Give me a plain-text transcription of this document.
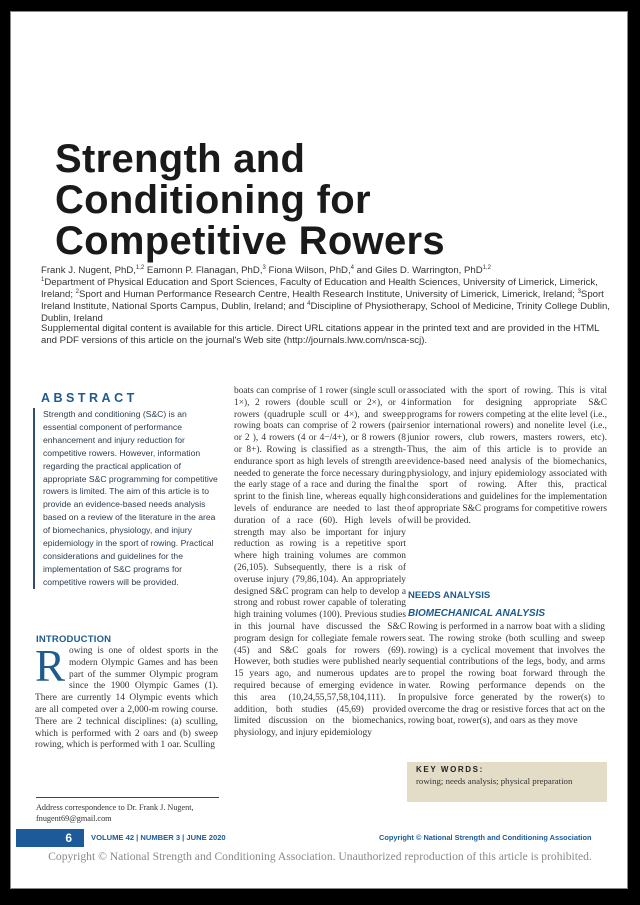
Strength and
Conditioning for
Competitive Rowers
Frank J. Nugent, PhD,$^{1,2}$ Eamonn P. Flanagan, PhD,$^3$ Fiona Wilson, PhD,$^4$ and Giles D. Warrington, PhD$^{1,2}$
$^1$Department of Physical Education and Sport Sciences, Faculty of Education and Health Sciences, University of Limerick, Limerick, Ireland; $^2$Sport and Human Performance Research Centre, Health Research Institute, University of Limerick, Limerick, Ireland; $^3$Sport Ireland Institute, National Sports Campus, Dublin, Ireland; and $^4$Discipline of Physiotherapy, School of Medicine, Trinity College Dublin, Dublin, Ireland
Supplemental digital content is available for this article. Direct URL citations appear in the printed text and are provided in the HTML and PDF versions of this article on the journal's Web site (http://journals.lww.com/nsca-scj).
ABSTRACT
Strength and conditioning (S&C) is an essential component of performance enhancement and injury reduction for competitive rowers. However, information regarding the practical application of appropriate S&C programming for competitive rowers is limited. The aim of this article is to provide an evidence-based needs analysis based on a review of the literature in the area of biomechanics, physiology, and injury epidemiology in the sport of rowing. Practical considerations and guidelines for the implementation of S&C programs for competitive rowers will be provided.
INTRODUCTION
Rowing is one of oldest sports in the modern Olympic Games and has been part of the summer Olympic program since the 1900 Olympic Games (1). There are currently 14 Olympic events which are all competed over a 2,000-m rowing course. There are 2 technical disciplines: (a) sculling, which is performed with 2 oars and (b) sweep rowing, which is performed with 1 oar. Sculling
Address correspondence to Dr. Frank J. Nugent, fnugent69@gmail.com
boats can comprise of 1 rower (single scull or 1×), 2 rowers (double scull or 2×), or 4 rowers (quadruple scull or 4×), and sweep rowing boats can comprise of 2 rowers (pair or 2 ), 4 rowers (4 or 4−/4+), or 8 rowers (8 or 8+). Rowing is classified as a strength-endurance sport as high levels of strength are needed to generate the force necessary during the early stage of a race and during the final sprint to the finish line, whereas equally high levels of endurance are needed to last the duration of a race (60). High levels of strength may also be important for injury reduction as rowing is a repetitive sport where high training volumes are common (26,105). Subsequently, there is a risk of overuse injury (79,86,104). An appropriately designed S&C program can help to develop a strong and robust rower capable of tolerating high training volumes (100). Previous studies in this journal have discussed the S&C program design for collegiate female rowers (45) and S&C goals for rowers (69). However, both studies were published nearly 15 years ago, and numerous updates are required because of emerging evidence in this area (10,24,55,57,58,104,111). In addition, both studies (45,69) provided limited discussion on the biomechanics, physiology, and injury epidemiology
associated with the sport of rowing. This is vital information for designing appropriate S&C programs for rowers competing at the elite level (i.e., senior international rowers) and nonelite level (i.e., junior rowers, club rowers, masters rowers, etc). Thus, the aim of this article is to provide an evidence-based need analysis of the biomechanics, physiology, and injury epidemiology associated with the sport of rowing. After this, practical considerations and guidelines for the implementation of appropriate S&C programs for competitive rowers will be provided.
NEEDS ANALYSIS
BIOMECHANICAL ANALYSIS
Rowing is performed in a narrow boat with a sliding seat. The rowing stroke (both sculling and sweep rowing) is a cyclical movement that involves the sequential contributions of the legs, body, and arms to propel the rowing boat forward through the water. Rowing performance depends on the propulsive force generated by the rower(s) to overcome the drag or resistive forces that act on the rowing boat, rower(s), and oars as they move
KEY WORDS:
rowing; needs analysis; physical preparation
6	VOLUME 42 | NUMBER 3 | JUNE 2020	Copyright © National Strength and Conditioning Association
Copyright © National Strength and Conditioning Association. Unauthorized reproduction of this article is prohibited.
